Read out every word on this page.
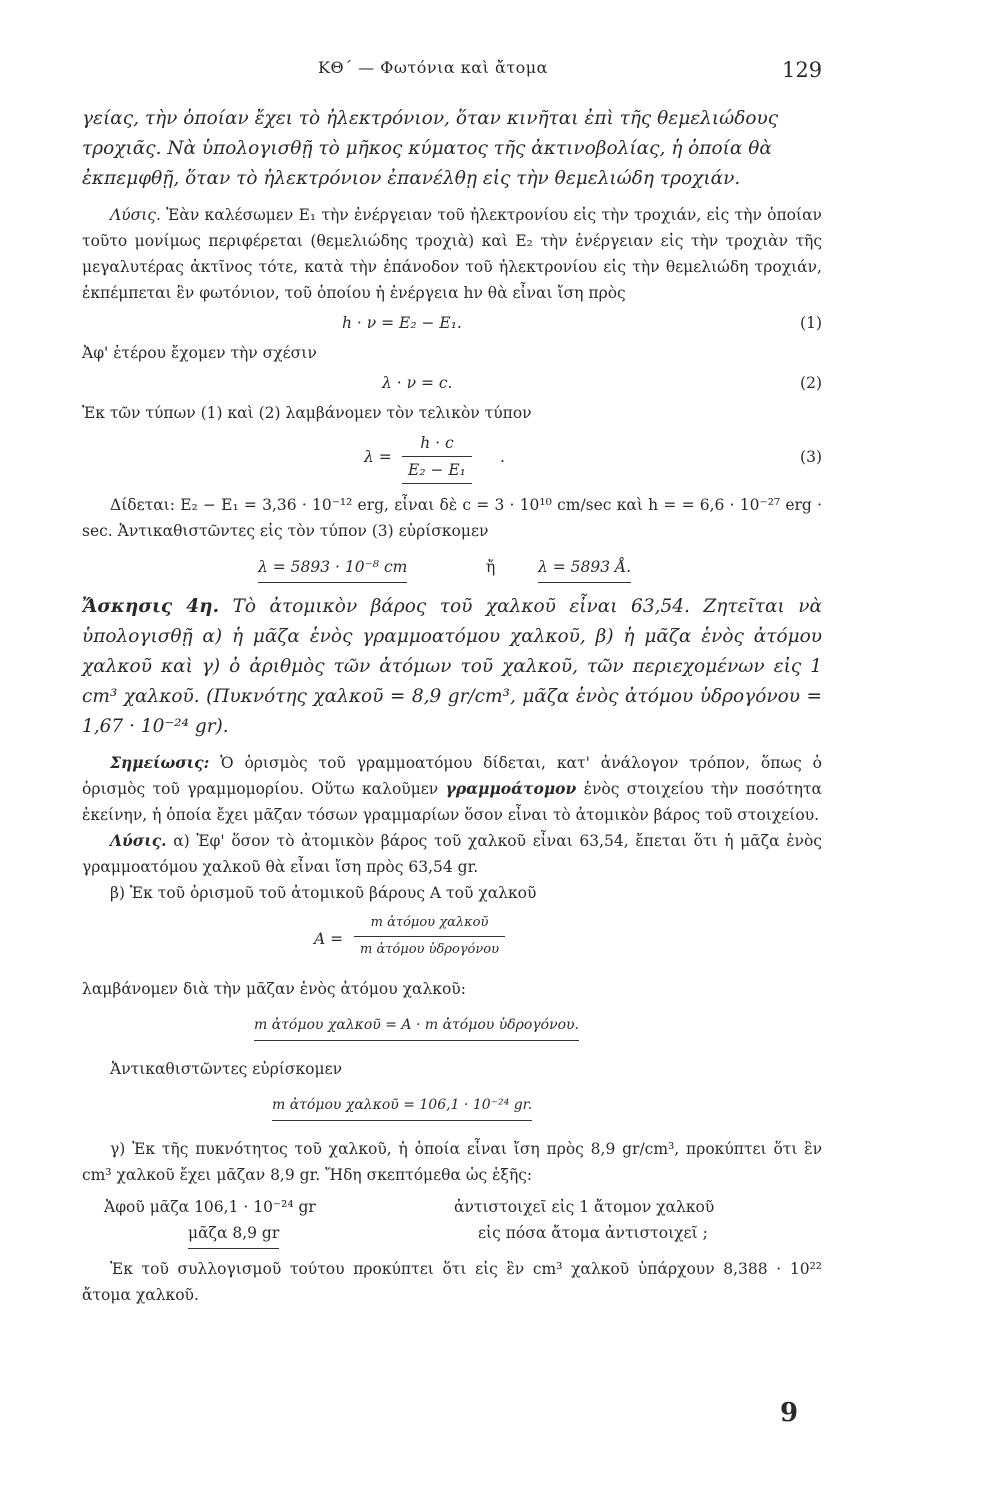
ΚΘ΄ — Φωτόνια καὶ ἄτομα	129

γείας, τὴν ὁποίαν ἔχει τὸ ἠλεκτρόνιον, ὅταν κινῆται ἐπὶ τῆς θεμελιώδους

τροχιᾶς. Νὰ ὑπολογισθῇ τὸ μῆκος κύματος τῆς ἀκτινοβολίας, ἡ ὁποία θὰ

ἐκπεμφθῇ, ὅταν τὸ ἠλεκτρόνιον ἐπανέλθῃ εἰς τὴν θεμελιώδη τροχιάν.

Λύσις. Ἐὰν καλέσωμεν E₁ τὴν ἐνέργειαν τοῦ ἠλεκτρονίου εἰς τὴν τροχιάν, εἰς τὴν ὁποίαν τοῦτο μονίμως περιφέρεται (θεμελιώδης τροχιὰ) καὶ E₂ τὴν ἐνέργειαν εἰς τὴν τροχιὰν τῆς μεγαλυτέρας ἀκτῖνος τότε, κατὰ τὴν ἐπάνοδον τοῦ ἠλεκτρονίου εἰς τὴν θεμελιώδη τροχιάν, ἐκπέμπεται ἓν φωτόνιον, τοῦ ὁποίου ἡ ἐνέργεια hν θὰ εἶναι ἴση πρὸς

h · ν = E₂ − E₁.	(1)

Ἀφ' ἑτέρου ἔχομεν τὴν σχέσιν

λ · ν = c.	(2)

Ἐκ τῶν τύπων (1) καὶ (2) λαμβάνομεν τὸν τελικὸν τύπον

$\lambda = \frac{h \cdot c}{\text{E₂ − E₁}}$ .	(3)

Δίδεται: E₂ − E₁ = 3,36 · 10⁻¹² erg, εἶναι δὲ c = 3 · 10¹⁰ cm/sec καὶ h = = 6,6 · 10⁻²⁷ erg · sec. Ἀντικαθιστῶντες εἰς τὸν τύπον (3) εὑρίσκομεν

λ = 5893 · 10⁻⁸ cm	ἤ	λ = 5893 Å.

Ἄσκησις 4η. Τὸ ἀτομικὸν βάρος τοῦ χαλκοῦ εἶναι 63,54. Ζητεῖται νὰ ὑπολογισθῇ α) ἡ μᾶζα ἑνὸς γραμμοατόμου χαλκοῦ, β) ἡ μᾶζα ἑνὸς ἀτόμου χαλκοῦ καὶ γ) ὁ ἀριθμὸς τῶν ἀτόμων τοῦ χαλκοῦ, τῶν περιεχομένων εἰς 1 cm³ χαλκοῦ. (Πυκνότης χαλκοῦ = 8,9 gr/cm³, μᾶζα ἑνὸς ἀτόμου ὑδρογόνου = 1,67 · 10⁻²⁴ gr).

Σημείωσις: Ὁ ὁρισμὸς τοῦ γραμμοατόμου δίδεται, κατ' ἀνάλογον τρόπον, ὅπως ὁ ὁρισμὸς τοῦ γραμμομορίου. Οὕτω καλοῦμεν γραμμοάτομον ἑνὸς στοιχείου τὴν ποσότητα ἐκείνην, ἡ ὁποία ἔχει μᾶζαν τόσων γραμμαρίων ὅσον εἶναι τὸ ἀτομικὸν βάρος τοῦ στοιχείου.

Λύσις. α) Ἐφ' ὅσον τὸ ἀτομικὸν βάρος τοῦ χαλκοῦ εἶναι 63,54, ἔπεται ὅτι ἡ μᾶζα ἑνὸς γραμμοατόμου χαλκοῦ θὰ εἶναι ἴση πρὸς 63,54 gr.

β) Ἐκ τοῦ ὁρισμοῦ τοῦ ἀτομικοῦ βάρους A τοῦ χαλκοῦ

A =
m ἀτόμου χαλκοῦ
m ἀτόμου ὑδρογόνου

λαμβάνομεν διὰ τὴν μᾶζαν ἑνὸς ἀτόμου χαλκοῦ:

m ἀτόμου χαλκοῦ = A · m ἀτόμου ὑδρογόνου.

Ἀντικαθιστῶντες εὑρίσκομεν

m ἀτόμου χαλκοῦ = 106,1 · 10⁻²⁴ gr.

γ) Ἐκ τῆς πυκνότητος τοῦ χαλκοῦ, ἡ ὁποία εἶναι ἴση πρὸς 8,9 gr/cm³, προκύπτει ὅτι ἓν cm³ χαλκοῦ ἔχει μᾶζαν 8,9 gr. Ἤδη σκεπτόμεθα ὡς ἑξῆς:

Ἀφοῦ μᾶζα 106,1 · 10⁻²⁴ gr	ἀντιστοιχεῖ εἰς 1 ἄτομον χαλκοῦ
μᾶζα 8,9 gr	εἰς πόσα ἄτομα ἀντιστοιχεῖ ;

Ἐκ τοῦ συλλογισμοῦ τούτου προκύπτει ὅτι εἰς ἓν cm³ χαλκοῦ ὑπάρχουν 8,388 · 10²² ἄτομα χαλκοῦ.

9
